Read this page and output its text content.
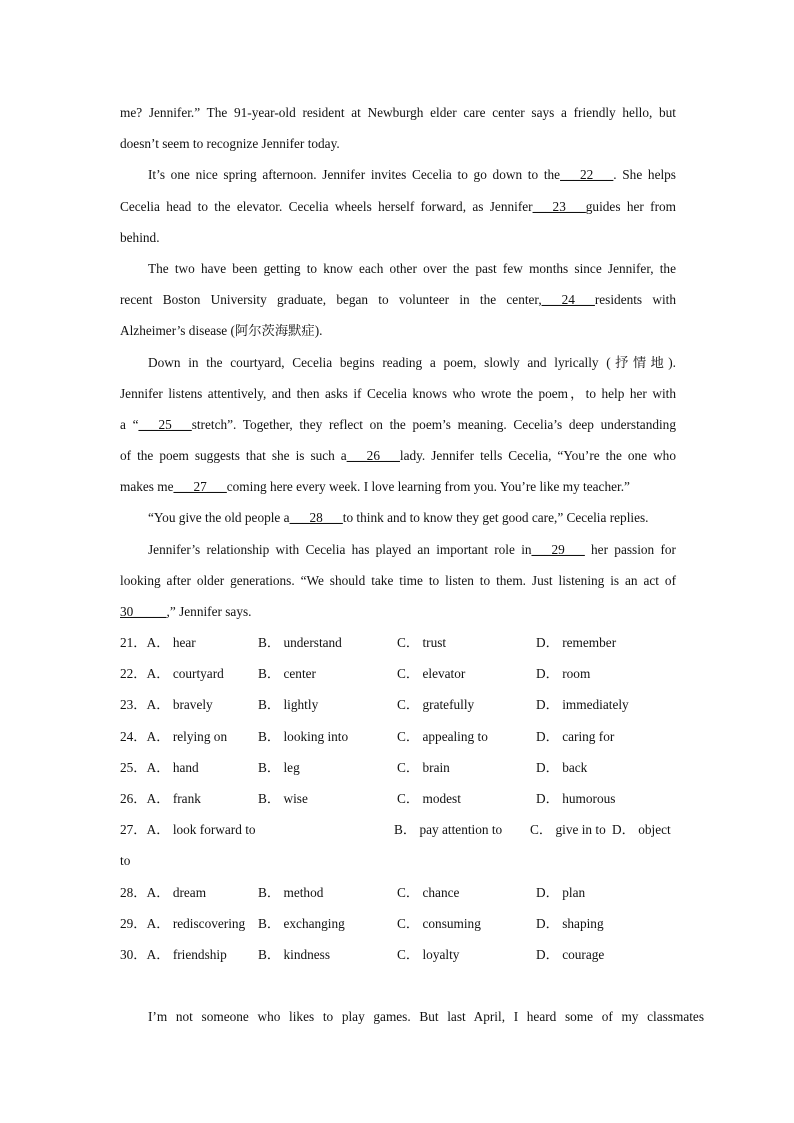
me? Jennifer.” The 91-year-old resident at Newburgh elder care center says a friendly hello, but
doesn’t seem to recognize Jennifer today.
It’s one nice spring afternoon. Jennifer invites Cecelia to go down to the___22___. She helps
Cecelia head to the elevator. Cecelia wheels herself forward, as Jennifer___23___guides her from
behind.
The two have been getting to know each other over the past few months since Jennifer, the
recent Boston University graduate, began to volunteer in the center,___24___residents with
Alzheimer’s disease (阿尔茨海默症).
Down in the courtyard, Cecelia begins reading a poem, slowly and lyrically (抒情地).
Jennifer listens attentively, and then asks if Cecelia knows who wrote the poem，to help her with
a “___25___stretch”. Together, they reflect on the poem’s meaning. Cecelia’s deep understanding
of the poem suggests that she is such a___26___lady. Jennifer tells Cecelia, “You’re the one who
makes me___27___coming here every week. I love learning from you. You’re like my teacher.”
“You give the old people a___28___to think and to know they get good care,” Cecelia replies.
Jennifer’s relationship with Cecelia has played an important role in___29___ her passion for
looking after older generations. “We should take time to listen to them. Just listening is an act of
30_____,” Jennifer says.
21．A． hear	B． understand	C． trust	D． remember
22．A． courtyard	B． center	C． elevator	D． room
23．A． bravely	B． lightly	C． gratefully	D． immediately
24．A． relying on B． looking into	C． appealing to	D． caring for
25．A． hand	B． leg	C． brain	D． back
26．A． frank	B． wise	C． modest	D． humorous
27．A． look forward to	B． pay attention to C． give in to D． object
to
28．A． dream	B． method	C． chance	D． plan
29．A． rediscovering B． exchanging	C． consuming	D． shaping
30．A． friendship B． kindness	C． loyalty	D． courage
I’m not someone who likes to play games. But last April, I heard some of my classmates
